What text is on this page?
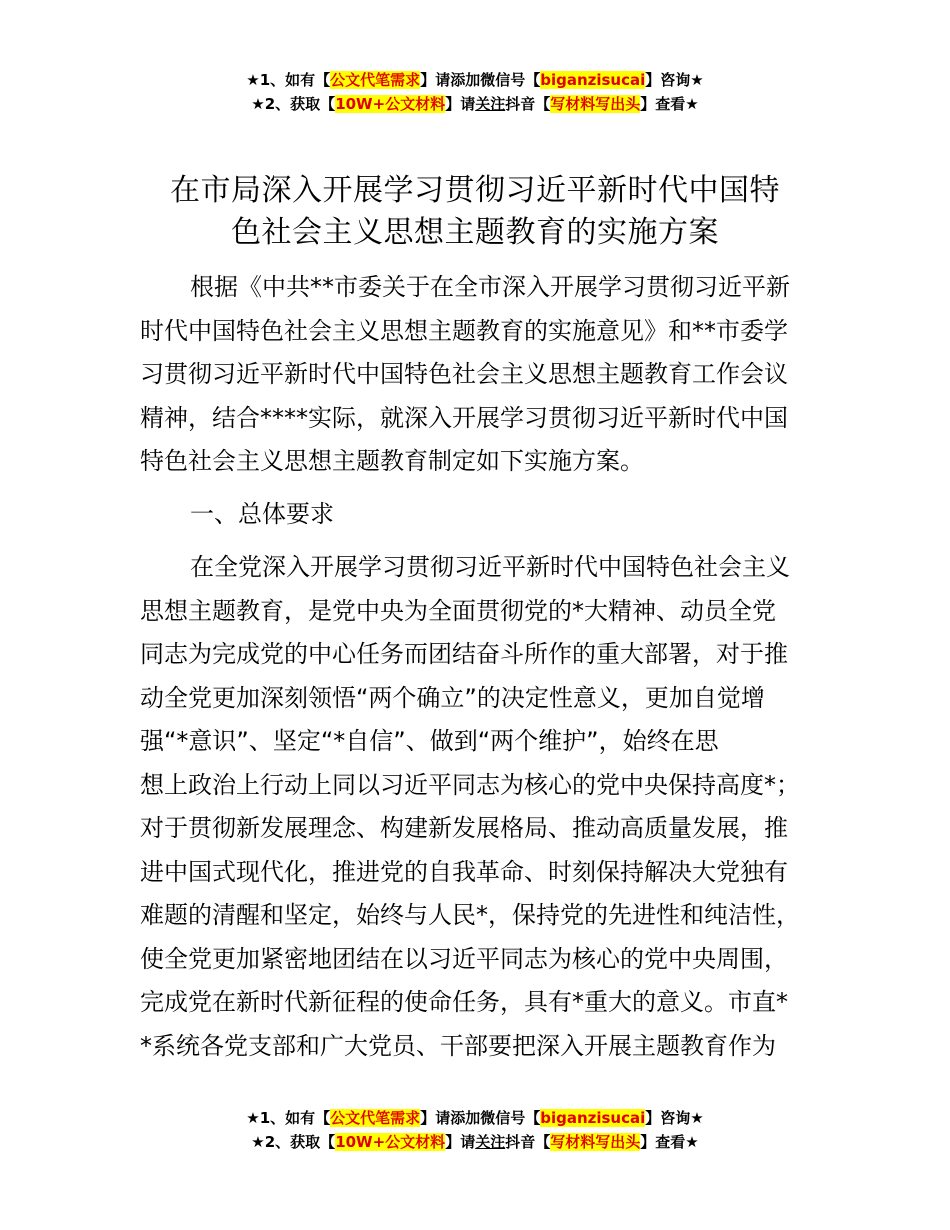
★1、如有【公文代笔需求】请添加微信号【biganzisucai】咨询★
★2、获取【10W+公文材料】请关注抖音【写材料写出头】查看★
在市局深入开展学习贯彻习近平新时代中国特
色社会主义思想主题教育的实施方案
根据《中共**市委关于在全市深入开展学习贯彻习近平新
时代中国特色社会主义思想主题教育的实施意见》和**市委学
习贯彻习近平新时代中国特色社会主义思想主题教育工作会议
精神，结合****实际，就深入开展学习贯彻习近平新时代中国
特色社会主义思想主题教育制定如下实施方案。
一、总体要求
在全党深入开展学习贯彻习近平新时代中国特色社会主义
思想主题教育，是党中央为全面贯彻党的*大精神、动员全党
同志为完成党的中心任务而团结奋斗所作的重大部署，对于推
动全党更加深刻领悟“两个确立”的决定性意义，更加自觉增
强“*意识”、坚定“*自信”、做到“两个维护”，始终在思
想上政治上行动上同以习近平同志为核心的党中央保持高度*；
对于贯彻新发展理念、构建新发展格局、推动高质量发展，推
进中国式现代化，推进党的自我革命、时刻保持解决大党独有
难题的清醒和坚定，始终与人民*，保持党的先进性和纯洁性，
使全党更加紧密地团结在以习近平同志为核心的党中央周围，
完成党在新时代新征程的使命任务，具有*重大的意义。市直*
*系统各党支部和广大党员、干部要把深入开展主题教育作为
★1、如有【公文代笔需求】请添加微信号【biganzisucai】咨询★
★2、获取【10W+公文材料】请关注抖音【写材料写出头】查看★
